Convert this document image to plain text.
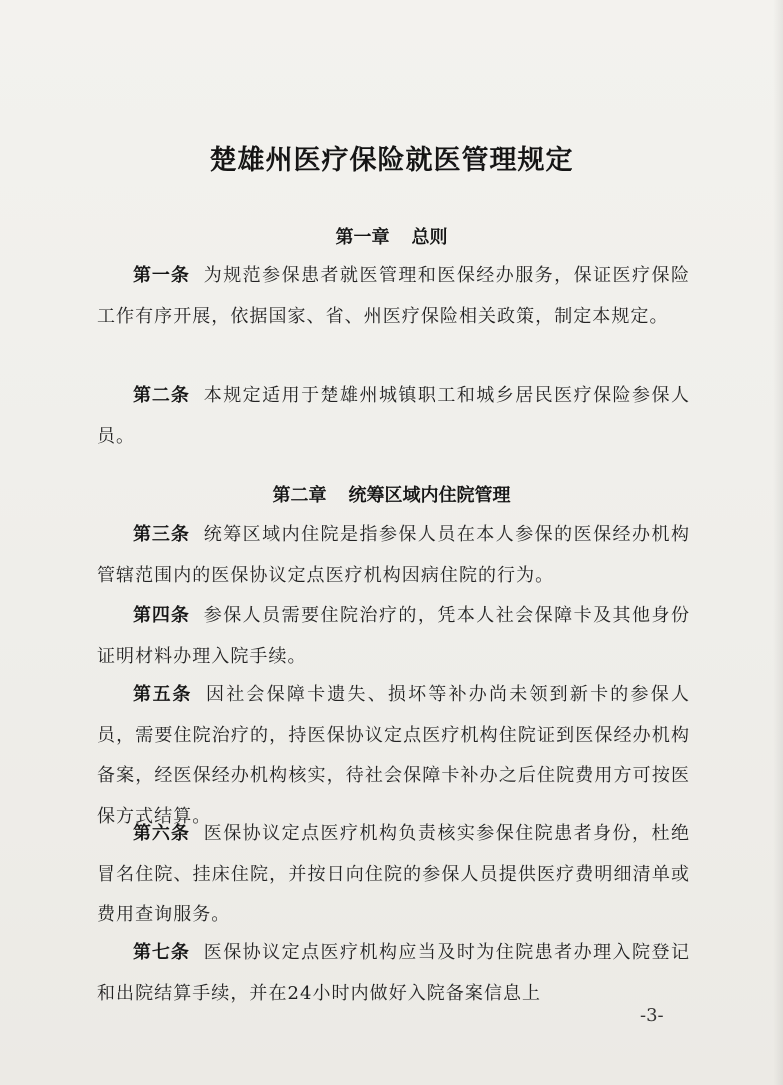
楚雄州医疗保险就医管理规定
第一章 总则
第一条 为规范参保患者就医管理和医保经办服务，保证医疗保险工作有序开展，依据国家、省、州医疗保险相关政策，制定本规定。
第二条 本规定适用于楚雄州城镇职工和城乡居民医疗保险参保人员。
第二章 统筹区域内住院管理
第三条 统筹区域内住院是指参保人员在本人参保的医保经办机构管辖范围内的医保协议定点医疗机构因病住院的行为。
第四条 参保人员需要住院治疗的，凭本人社会保障卡及其他身份证明材料办理入院手续。
第五条 因社会保障卡遗失、损坏等补办尚未领到新卡的参保人员，需要住院治疗的，持医保协议定点医疗机构住院证到医保经办机构备案，经医保经办机构核实，待社会保障卡补办之后住院费用方可按医保方式结算。
第六条 医保协议定点医疗机构负责核实参保住院患者身份，杜绝冒名住院、挂床住院，并按日向住院的参保人员提供医疗费明细清单或费用查询服务。
第七条 医保协议定点医疗机构应当及时为住院患者办理入院登记和出院结算手续，并在24小时内做好入院备案信息上
-3-
